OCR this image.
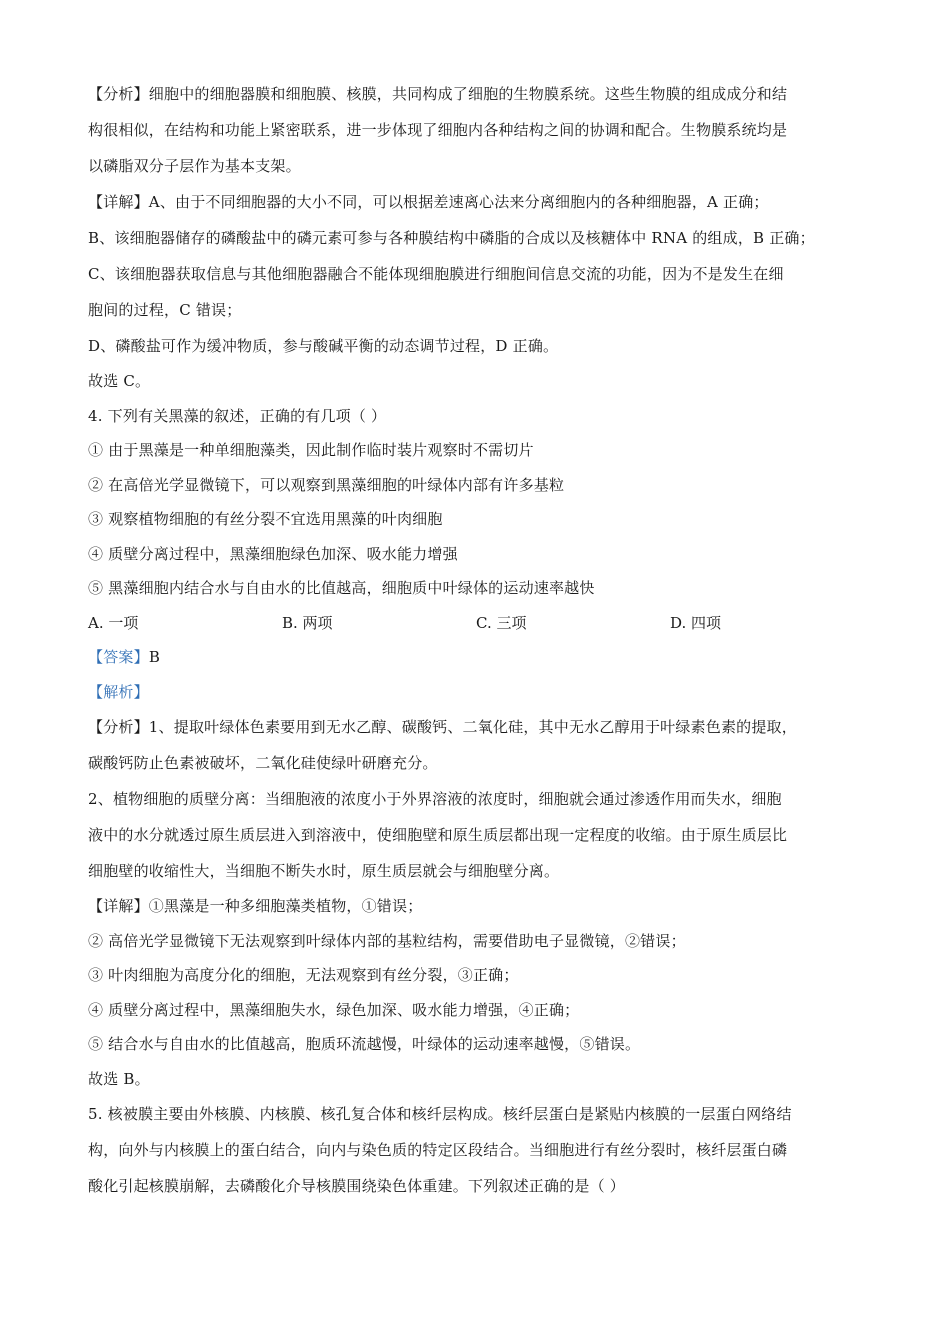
【分析】细胞中的细胞器膜和细胞膜、核膜，共同构成了细胞的生物膜系统。这些生物膜的组成成分和结

构很相似，在结构和功能上紧密联系，进一步体现了细胞内各种结构之间的协调和配合。生物膜系统均是

以磷脂双分子层作为基本支架。

【详解】A、由于不同细胞器的大小不同，可以根据差速离心法来分离细胞内的各种细胞器，A 正确；

B、该细胞器储存的磷酸盐中的磷元素可参与各种膜结构中磷脂的合成以及核糖体中 RNA 的组成，B 正确；

C、该细胞器获取信息与其他细胞器融合不能体现细胞膜进行细胞间信息交流的功能，因为不是发生在细

胞间的过程，C 错误；

D、磷酸盐可作为缓冲物质，参与酸碱平衡的动态调节过程，D 正确。

故选 C。

4. 下列有关黑藻的叙述，正确的有几项（ ）

① 由于黑藻是一种单细胞藻类，因此制作临时装片观察时不需切片

② 在高倍光学显微镜下，可以观察到黑藻细胞的叶绿体内部有许多基粒

③ 观察植物细胞的有丝分裂不宜选用黑藻的叶肉细胞

④ 质壁分离过程中，黑藻细胞绿色加深、吸水能力增强

⑤ 黑藻细胞内结合水与自由水的比值越高，细胞质中叶绿体的运动速率越快

A. 一项	B. 两项	C. 三项	D. 四项

【答案】B

【解析】

【分析】1、提取叶绿体色素要用到无水乙醇、碳酸钙、二氧化硅，其中无水乙醇用于叶绿素色素的提取，

碳酸钙防止色素被破坏，二氧化硅使绿叶研磨充分。

2、植物细胞的质壁分离：当细胞液的浓度小于外界溶液的浓度时，细胞就会通过渗透作用而失水，细胞

液中的水分就透过原生质层进入到溶液中，使细胞壁和原生质层都出现一定程度的收缩。由于原生质层比

细胞壁的收缩性大，当细胞不断失水时，原生质层就会与细胞壁分离。

【详解】①黑藻是一种多细胞藻类植物，①错误；

② 高倍光学显微镜下无法观察到叶绿体内部的基粒结构，需要借助电子显微镜，②错误；

③ 叶肉细胞为高度分化的细胞，无法观察到有丝分裂，③正确；

④ 质壁分离过程中，黑藻细胞失水，绿色加深、吸水能力增强，④正确；

⑤ 结合水与自由水的比值越高，胞质环流越慢，叶绿体的运动速率越慢，⑤错误。

故选 B。

5. 核被膜主要由外核膜、内核膜、核孔复合体和核纤层构成。核纤层蛋白是紧贴内核膜的一层蛋白网络结

构，向外与内核膜上的蛋白结合，向内与染色质的特定区段结合。当细胞进行有丝分裂时，核纤层蛋白磷

酸化引起核膜崩解，去磷酸化介导核膜围绕染色体重建。下列叙述正确的是（ ）
